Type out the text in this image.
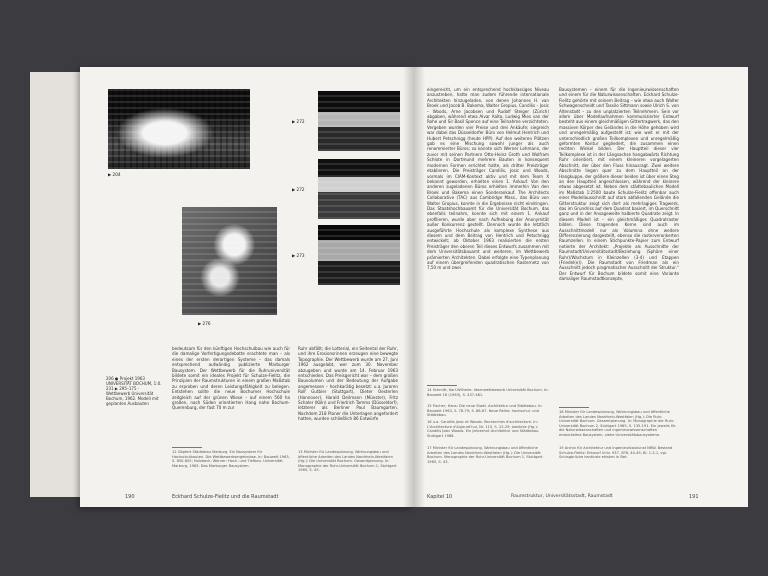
▶ 204
▶ 272
▶ 272
▶ 273
▶ 276
206 ● Projekt 1963 UNIVERSITÄT BOCHUM, 1:0. 231 ▶ 295–175 · Wettbewerb Universität Bochum, 1962. Modell mit geplanten Ausbauten
bedeutsam für den künftigen Hochschulbau wie auch für die damalige Vorfertigungsdebatte erachtete man – als eines der ersten derartigen Systeme – das damals entsprechend aufwändig publizierte Marburger Bausystem. Der Wettbewerb für die Ruhruniversität bildete somit ein ideales Projekt für Schulze-Fielitz, die Prinzipien der Raumstrukturen in einem großen Maßstab zu erproben und deren Leistungsfähigkeit zu belegen. Entstehen sollte die neue Bochumer Hochschule zeitgleich auf der grünen Wiese – auf einem 560 ha großen, nach Süden orientierten Hang nahe Bochum-Querenburg, der fast 70 m zur
Ruhr abfällt; die Lotterial, ein Seitental der Ruhr, und ihre Erosionsrinnen erzeugen eine bewegte Topographie. Der Wettbewerb wurde am 27. Juni 1962 ausgelobt, wer zum 30. November abzugeben und wurde am 14. Februar 1963 entschieden. Das Preisgericht war – dem großen Bauvolumen und der Bedeutung der Aufgabe angemessen – hochkarätig besetzt: u.a. Juroren Rolf Gutbier (Stuttgart), Dieter Oesterlen (Hannover), Harald Deilmann (Münster), Fritz Schaler (Köln) und Friedrich Tamms (Düsseldorf), letzterer als Berliner Paul Baumgarten. Nachdem 218 Planer die Unterlagen angefordert hatten, wurden schließlich 86 Entwürfe
12 Göpfert Städtebau Marburg. Ein Bausystem für Hochschulbauten. Die Wettbewerbsergebnisse. In: Bauwelt 1963, S. 850-855; Holzbach, Werner: Hoch- und Tiefbau. Universität Marburg, 1963. Das Marburger Bausystem.
13 Minister für Landesplanung, Wohnungsbau und öffentliche Arbeiten des Landes Nordrhein-Westfalen (Hg.): Die Universität Bochum. Gesamtplanung. In: Monographie der Ruhr-Universität Bochum 1, Stuttgart 1965, S. 43.
190	Eckhard Schulze-Fielitz und die Raumstadt
eingereicht, um ein entsprechend hochklassiges Niveau anzustreben, hatte man zudem führende internationale Architekten hinzugeladen, von denen Johannes H. van Broek und Jacob B. Bakema, Walter Gropius, Candilis – Josic – Woods, Arne Jacobsen und Rudolf Steiger (Zürich) abgaben, während etwa Alvar Aalto, Ludwig Mies van der Rohe und Sir Basil Spence auf eine Teilnahme verzichteten. Vergeben wurden vier Preise und drei Ankäufe; siegreich war dabei das Düsseldorfer Büro von Helmut Hentrich und Hubert Petschnigg (heute HPP). Auf den weiteren Plätzen gab es eine Mischung sowohl junger als auch renommierter Büros; so konnte sich Werner Lehmann, der zuvor mit seinen Partnern Otto-Heinz Groth und Wolfram Schlote in Dortmund mehrere Bauten in konsequent modernen Formen errichtet hatte, als dritter Preisträger etablieren. Die Preisträger Candilis, Josic und Woods, vormals im CIAM-Kontext aktiv und mit dem Team X bekannt geworden, erhielten einen 1. Ankauf. Von den anderen zugeladenen Büros erhielten immerhin Van den Broek und Bakema einen Sonderankauf. The Architects Collaborative (TAC) aus Cambridge Mass., das Büro von Walter Gropius, konnte in die Ergebnisse nicht eindringen. Das Staatshochbauamt für die Universität Bochum, das ebenfalls teilnahm, konnte sich mit einem 1. Ankauf profilieren, wurde aber nach Aufhebung der Anonymität außer Konkurrenz gestellt. Dennoch wurde die letztlich ausgeführte Hochschule als komplexe Synthese aus diesem und dem Beitrag von Hentrich und Petschnigg entwickelt; ab Oktober 1963 realisierten die ersten Preisträger den oberen Teil dieses Entwurfs zusammen mit dem Universitätsbauamt und weiteren, im Wettbewerb prämierten Architekten. Dabei erfolgte eine Typenplanung auf einem übergreifenden quadratischen Rasternetz von 7,50 m und zwei
Bausystemen – einem für die Ingenieurwissenschaften und einem für die Naturwissenschaften. Eckhard Schulze-Fielitz gehörte mit seinem Beitrag – wie etwa auch Walter Schwagenscheidt und Tassilo Sittmann sowie Ulrich S. von Altenstadt – zu den unplatzierten Teilnehmern. Sein vor allem über Modellaufnahmen kommunizierter Entwurf besteht aus einem gleichmäßigen Gittertragwerk, das den massiven Körper des Geländes in die Höhe gehoben wird und unregelmäßig aufgestellt ist; wie weit er mit der unterschiedlich großen Teilkomplexen und unregelmäßig geformten Kontur gegliedert, die zusammen einen rechten Winkel bilden. Der Hauptteil dieser vier Teilkomplexe ist in der Längsachse hangabwärts Richtung Ruhr orientiert, mit einem kleineren vorgelagerten Abschnitt, der über den Fluss hinausragt. Zwei weitere Abschnitte liegen quer zu dem Hauptteil an der Hangkuppe, der größere dieser beiden ist über einen Steg an den Hauptteil angeschlossen, während der kleinere etwas abgesetzt ist. Neben dem städtebaulichen Modell im Maßstab 1:2500 baute Schulze-Fielitz offenbar auch einer Modellausschnitt auf stark abfallenden Gelände die Gitterstruktur zeigt sich dort als mehrlagiges Tragwerk, das im Grundriss auf dem Quadrat basiert, im Querschnitt ganz und in der Ansageweite halbierte Quadrate zeigt. In diesem Modell ist – ein gleichmäßiges Quadratraster bilden. Diese tragenden Kerne sind auch im Ausschnittmodell nur als Volumina ohne weitere Differenzierung dargestellt, ebenso die rasterverankerten Raumzellen. In einem Stichpunkte-Papier zum Entwurf notierte der Architekt: „Projekte als Ausschnitte der Raumstadt/Universitätsstadt/Beziehung (Sphäre einer Ruhr)/Wachstum in Kleinzellen (3-4) und Etappen (Friedel(e)). Die Raumstadt von Friedman als ein Ausschnitt jedoch pragmatischer Ausschnitt der Struktur.“ Der Entwurf für Bochum bildete somit eine Variante damaliger Raumstadtkonzepte,
14 Schmitt, Karl-Wilhelm: Ideenwettbewerb Universität Bochum. In: Bauwelt 16 (1963), S. 437-461.
15 Fischer, Hans: Die neue Stadt. Architektur und Städtebau. In: Bauwelt 1963, S. 78-79; S. 86-87. Neue Reihe: hochschul- und Städtebau.
16 u.a. Candilis Josic et Woods. Recherches d'architecture. In: L'Architecture d'Aujourd'hui, Nr. 115, S. 22-29; Joedicke (Hg.): Candilis Josic Woods. Ein Jahrzehnt Architektur und Städtebau. Stuttgart 1968.
17 Minister für Landesplanung, Wohnungsbau und öffentliche Arbeiten des Landes Nordrhein-Westfalen (Hg.): Die Universität Bochum. Monographie der Ruhr-Universität Bochum 1, Stuttgart 1965, S. 43.
18 Minister für Landesplanung, Wohnungsbau und öffentliche Arbeiten des Landes Nordrhein-Westfalen (Hg.): Die Ruhr-Universität Bochum. Gesamtplanung. In: Monographie der Ruhr-Universität Bochum 2, Stuttgart 1965, S. 135-191. Ein jeweils für die Naturwissenschaften und Ingenieurwissenschaften entwickeltes Bausystem, siehe Universitätsbausysteme.
19 Archiv für Architektur und Ingenieurbaukunst NRW. Bestand Schulze-Fielitz: Entwurf Univ. 937, SFB, 44-45; Bl. 1-2-1, vgl. Schlagbrücke kanticale ekisten in Bet.
Kapitel 10	Raumstruktur, Universitätsstadt, Raumstadt	191
